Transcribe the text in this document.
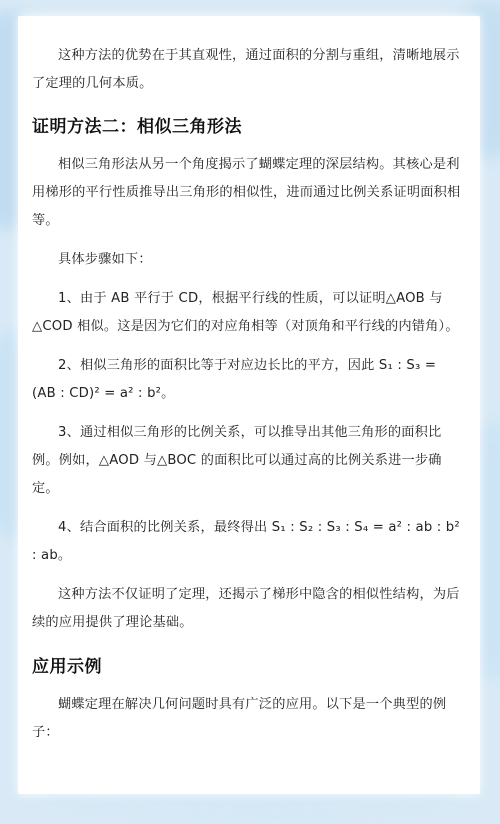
这种方法的优势在于其直观性，通过面积的分割与重组，清晰地展示了定理的几何本质。

证明方法二：相似三角形法

相似三角形法从另一个角度揭示了蝴蝶定理的深层结构。其核心是利用梯形的平行性质推导出三角形的相似性，进而通过比例关系证明面积相等。

具体步骤如下：

1、由于 AB 平行于 CD，根据平行线的性质，可以证明△AOB 与△COD 相似。这是因为它们的对应角相等（对顶角和平行线的内错角）。

2、相似三角形的面积比等于对应边长比的平方，因此 S₁ : S₃ = (AB : CD)² = a² : b²。

3、通过相似三角形的比例关系，可以推导出其他三角形的面积比例。例如，△AOD 与△BOC 的面积比可以通过高的比例关系进一步确定。

4、结合面积的比例关系，最终得出 S₁ : S₂ : S₃ : S₄ = a² : ab : b² : ab。

这种方法不仅证明了定理，还揭示了梯形中隐含的相似性结构，为后续的应用提供了理论基础。

应用示例

蝴蝶定理在解决几何问题时具有广泛的应用。以下是一个典型的例子：
